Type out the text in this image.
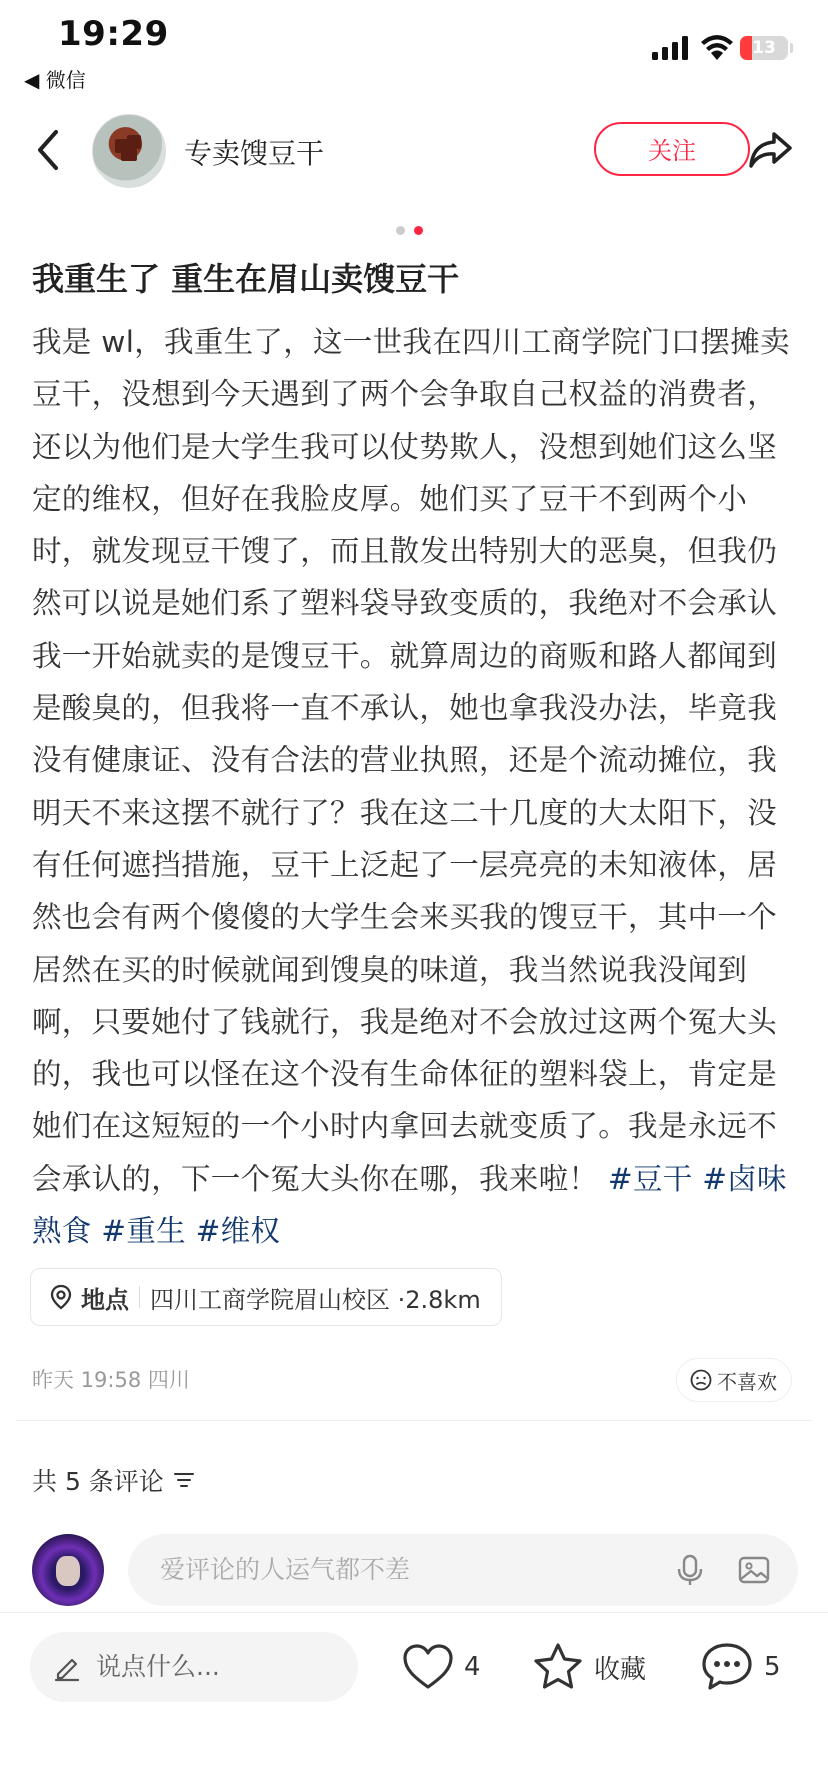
19:29
◀ 微信
13
专卖馊豆干	关注
我重生了 重生在眉山卖馊豆干
我是 wl，我重生了，这一世我在四川工商学院门口摆摊卖豆干，没想到今天遇到了两个会争取自己权益的消费者，还以为他们是大学生我可以仗势欺人，没想到她们这么坚定的维权，但好在我脸皮厚。她们买了豆干不到两个小时，就发现豆干馊了，而且散发出特别大的恶臭，但我仍然可以说是她们系了塑料袋导致变质的，我绝对不会承认我一开始就卖的是馊豆干。就算周边的商贩和路人都闻到是酸臭的，但我将一直不承认，她也拿我没办法，毕竟我没有健康证、没有合法的营业执照，还是个流动摊位，我明天不来这摆不就行了？我在这二十几度的大太阳下，没有任何遮挡措施，豆干上泛起了一层亮亮的未知液体，居然也会有两个傻傻的大学生会来买我的馊豆干，其中一个居然在买的时候就闻到馊臭的味道，我当然说我没闻到啊，只要她付了钱就行，我是绝对不会放过这两个冤大头的，我也可以怪在这个没有生命体征的塑料袋上，肯定是她们在这短短的一个小时内拿回去就变质了。我是永远不会承认的，下一个冤大头你在哪，我来啦！ #豆干 #卤味熟食 #重生 #维权
地点 四川工商学院眉山校区 ·2.8km
昨天 19:58 四川	不喜欢
共 5 条评论
爱评论的人运气都不差
说点什么...	4	收藏	5
